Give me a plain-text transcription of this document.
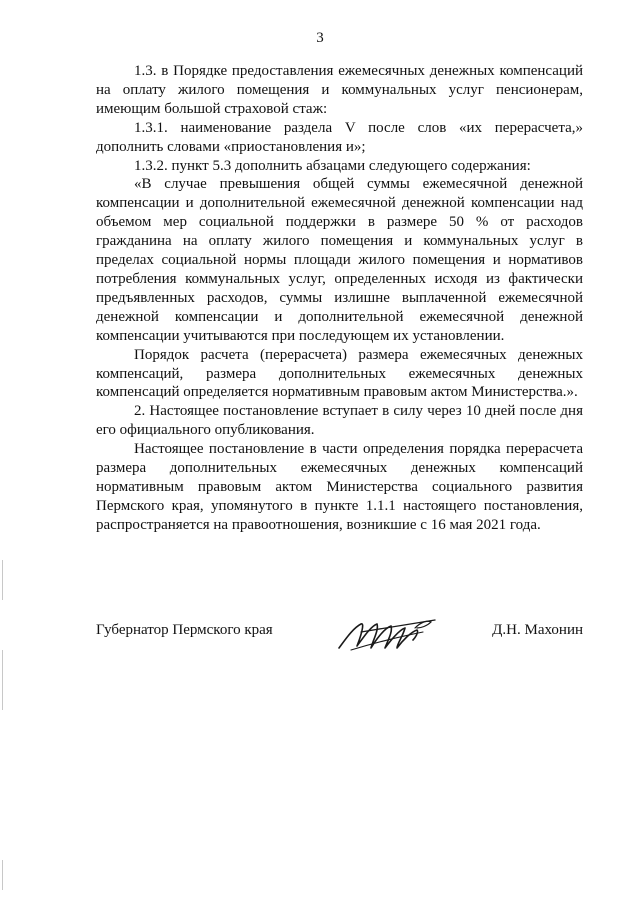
3

1.3. в Порядке предоставления ежемесячных денежных компенсаций на оплату жилого помещения и коммунальных услуг пенсионерам, имеющим большой страховой стаж:

1.3.1. наименование раздела V после слов «их перерасчета,» дополнить словами «приостановления и»;

1.3.2. пункт 5.3 дополнить абзацами следующего содержания:

«В случае превышения общей суммы ежемесячной денежной компенсации и дополнительной ежемесячной денежной компенсации над объемом мер социальной поддержки в размере 50 % от расходов гражданина на оплату жилого помещения и коммунальных услуг в пределах социальной нормы площади жилого помещения и нормативов потребления коммунальных услуг, определенных исходя из фактически предъявленных расходов, суммы излишне выплаченной ежемесячной денежной компенсации и дополнительной ежемесячной денежной компенсации учитываются при последующем их установлении.

Порядок расчета (перерасчета) размера ежемесячных денежных компенсаций, размера дополнительных ежемесячных денежных компенсаций определяется нормативным правовым актом Министерства.».

2. Настоящее постановление вступает в силу через 10 дней после дня его официального опубликования.

Настоящее постановление в части определения порядка перерасчета размера дополнительных ежемесячных денежных компенсаций нормативным правовым актом Министерства социального развития Пермского края, упомянутого в пункте 1.1.1 настоящего постановления, распространяется на правоотношения, возникшие с 16 мая 2021 года.

Губернатор Пермского края	Д.Н. Махонин
